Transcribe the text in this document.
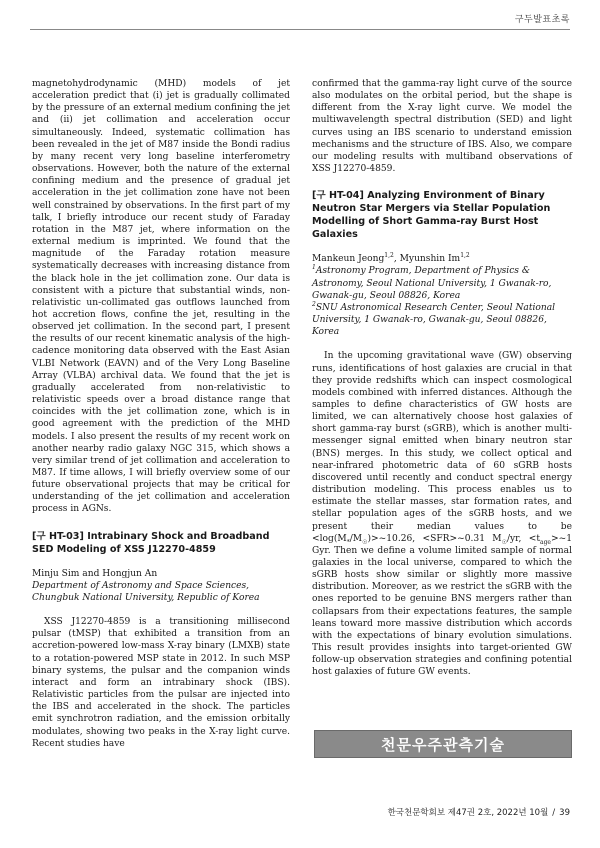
구두발표초록

magnetohydrodynamic (MHD) models of jet acceleration predict that (i) jet is gradually collimated by the pressure of an external medium confining the jet and (ii) jet collimation and acceleration occur simultaneously. Indeed, systematic collimation has been revealed in the jet of M87 inside the Bondi radius by many recent very long baseline interferometry observations. However, both the nature of the external confining medium and the presence of gradual jet acceleration in the jet collimation zone have not been well constrained by observations. In the first part of my talk, I briefly introduce our recent study of Faraday rotation in the M87 jet, where information on the external medium is imprinted. We found that the magnitude of the Faraday rotation measure systematically decreases with increasing distance from the black hole in the jet collimation zone. Our data is consistent with a picture that substantial winds, non-relativistic un-collimated gas outflows launched from hot accretion flows, confine the jet, resulting in the observed jet collimation. In the second part, I present the results of our recent kinematic analysis of the high-cadence monitoring data observed with the East Asian VLBI Network (EAVN) and of the Very Long Baseline Array (VLBA) archival data. We found that the jet is gradually accelerated from non-relativistic to relativistic speeds over a broad distance range that coincides with the jet collimation zone, which is in good agreement with the prediction of the MHD models. I also present the results of my recent work on another nearby radio galaxy NGC 315, which shows a very similar trend of jet collimation and acceleration to M87. If time allows, I will briefly overview some of our future observational projects that may be critical for understanding of the jet collimation and acceleration process in AGNs.

[구 HT-03] Intrabinary Shock and Broadband SED Modeling of XSS J12270-4859

Minju Sim and Hongjun An

Department of Astronomy and Space Sciences, Chungbuk National University, Republic of Korea

XSS J12270-4859 is a transitioning millisecond pulsar (tMSP) that exhibited a transition from an accretion-powered low-mass X-ray binary (LMXB) state to a rotation-powered MSP state in 2012. In such MSP binary systems, the pulsar and the companion winds interact and form an intrabinary shock (IBS). Relativistic particles from the pulsar are injected into the IBS and accelerated in the shock. The particles emit synchrotron radiation, and the emission orbitally modulates, showing two peaks in the X-ray light curve. Recent studies have

confirmed that the gamma-ray light curve of the source also modulates on the orbital period, but the shape is different from the X-ray light curve. We model the multiwavelength spectral distribution (SED) and light curves using an IBS scenario to understand emission mechanisms and the structure of IBS. Also, we compare our modeling results with multiband observations of XSS J12270-4859.

[구 HT-04] Analyzing Environment of Binary Neutron Star Mergers via Stellar Population Modelling of Short Gamma-ray Burst Host Galaxies

Mankeun Jeong$^{1,2}$, Myunshin Im$^{1,2}$

$^1$Astronomy Program, Department of Physics & Astronomy, Seoul National University, 1 Gwanak-ro, Gwanak-gu, Seoul 08826, Korea
$^2$SNU Astronomical Research Center, Seoul National University, 1 Gwanak-ro, Gwanak-gu, Seoul 08826, Korea

In the upcoming gravitational wave (GW) observing runs, identifications of host galaxies are crucial in that they provide redshifts which can inspect cosmological models combined with inferred distances. Although the samples to define characteristics of GW hosts are limited, we can alternatively choose host galaxies of short gamma-ray burst (sGRB), which is another multi-messenger signal emitted when binary neutron star (BNS) merges. In this study, we collect optical and near-infrared photometric data of 60 sGRB hosts discovered until recently and conduct spectral energy distribution modeling. This process enables us to estimate the stellar masses, star formation rates, and stellar population ages of the sGRB hosts, and we present their median values to be $<\log(M_*/M_☉)>\sim 10.26$, <SFR>~0.31 $M_☉/yr$, $<t_{age}>\sim 1$ Gyr. Then we define a volume limited sample of normal galaxies in the local universe, compared to which the sGRB hosts show similar or slightly more massive distribution. Moreover, as we restrict the sGRB with the ones reported to be genuine BNS mergers rather than collapsars from their expectations features, the sample leans toward more massive distribution which accords with the expectations of binary evolution simulations. This result provides insights into target-oriented GW follow-up observation strategies and confining potential host galaxies of future GW events.

천문우주관측기술
한국천문학회보 제47권 2호, 2022년 10월 / 39
